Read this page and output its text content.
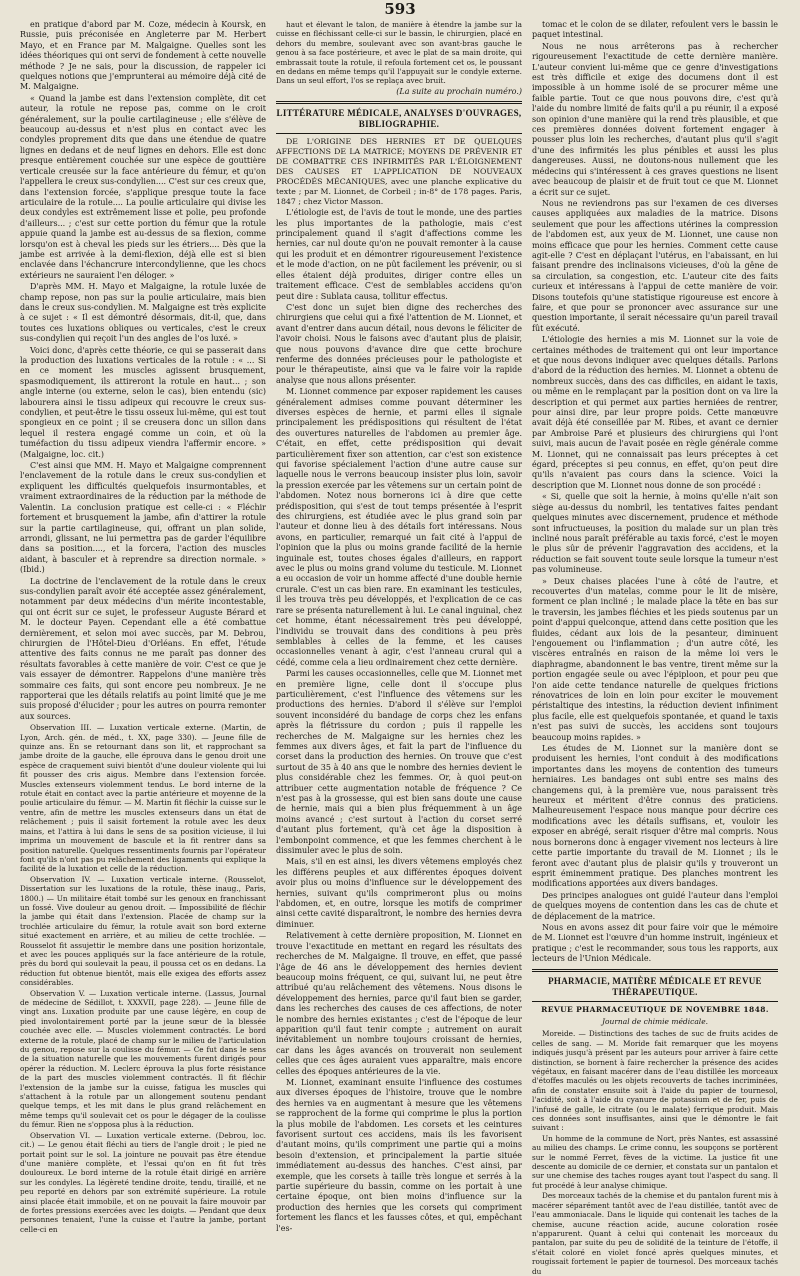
593

en pratique d'abord par M. Coze, médecin à Koursk, en Russie, puis préconisée en Angleterre par M. Herbert Mayo, et en France par M. Malgaigne. Quelles sont les idées théoriques qui ont servi de fondement à cette nouvelle méthode ? Je ne sais, pour la discussion, de rappeler ici quelques notions que j'emprunterai au mémoire déjà cité de M. Malgaigne.

« Quand la jambe est dans l'extension complète, dit cet auteur, la rotule ne repose pas, comme on le croit généralement, sur la poulie cartilagineuse ; elle s'élève de beaucoup au-dessus et n'est plus en contact avec les condyles proprement dits que dans une étendue de quatre lignes en dedans et de neuf lignes en dehors. Elle est donc presque entièrement couchée sur une espèce de gouttière verticale creusée sur la face antérieure du fémur, et qu'on l'appellera le creux sus-condylien.... C'est sur ces creux que, dans l'extension forcée, s'applique presque toute la face articulaire de la rotule.... La poulie articulaire qui divise les deux condyles est extrêmement lisse et polie, peu profonde d'ailleurs... ; c'est sur cette portion du fémur que la rotule appuie quand la jambe est au-dessus de sa flexion, comme lorsqu'on est à cheval les pieds sur les étriers.... Dès que la jambe est arrivée à la demi-flexion, déjà elle est si bien enclavée dans l'échancrure intercondylienne, que les chocs extérieurs ne sauraient l'en déloger. »

D'après MM. H. Mayo et Malgaigne, la rotule luxée de champ repose, non pas sur la poulie articulaire, mais bien dans le creux sus-condylien. M. Malgaigne est très explicite à ce sujet : « Il est démontré désormais, dit-il, que, dans toutes ces luxations obliques ou verticales, c'est le creux sus-condylien qui reçoit l'un des angles de l'os luxé. »

Voici donc, d'après cette théorie, ce qui se passerait dans la production des luxations verticales de la rotule : « ... Si en ce moment les muscles agissent brusquement, spasmodiquement, ils attireront la rotule en haut... ; son angle interne (ou externe, selon le cas), bien entendu (sic) labourera ainsi le tissu adipeux qui recouvre le creux sus-condylien, et peut-être le tissu osseux lui-même, qui est tout spongieux en ce point ; il se creusera donc un sillon dans lequel il restera engagé comme un coin, et où la tuméfaction du tissu adipeux viendra l'affermir encore. » (Malgaigne, loc. cit.)

C'est ainsi que MM. H. Mayo et Malgaigne comprennent l'enclavement de la rotule dans le creux sus-condylien et expliquent les difficultés quelquefois insurmontables, et vraiment extraordinaires de la réduction par la méthode de Valentin. La conclusion pratique est celle-ci : « Fléchir fortement et brusquement la jambe, afin d'attirer la rotule sur la partie cartilagineuse, qui, offrant un plan solide, arrondi, glissant, ne lui permettra pas de garder l'équilibre dans sa position...., et la forcera, l'action des muscles aidant, à basculer et à reprendre sa direction normale. » (Ibid.)

La doctrine de l'enclavement de la rotule dans le creux sus-condylien paraît avoir été acceptée assez généralement, notamment par deux médecins d'un mérite incontestable, qui ont écrit sur ce sujet, le professeur Auguste Bérard et M. le docteur Payen. Cependant elle a été combattue dernièrement, et selon moi avec succès, par M. Debrou, chirurgien de l'Hôtel-Dieu d'Orléans. En effet, l'étude attentive des faits connus ne me paraît pas donner des résultats favorables à cette manière de voir. C'est ce que je vais essayer de démontrer. Rappelons d'une manière très sommaire ces faits, qui sont encore peu nombreux. Je ne rapporterai que les détails relatifs au point limité que je me suis proposé d'élucider ; pour les autres on pourra remonter aux sources.

Observation III. — Luxation verticale externe. (Martin, de Lyon, Arch. gén. de méd., t. XX, page 330). — Jeune fille de quinze ans. En se retournant dans son lit, et rapprochant sa jambe droite de la gauche, elle éprouva dans le genou droit une espèce de craquement suivi bientôt d'une douleur violente qui lui fit pousser des cris aigus. Membre dans l'extension forcée. Muscles extenseurs violemment tendus. Le bord interne de la rotule était en contact avec la partie antérieure et moyenne de la poulie articulaire du fémur. — M. Martin fit fléchir la cuisse sur le ventre, afin de mettre les muscles extenseurs dans un état de relâchement ; puis il saisit fortement la rotule avec les deux mains, et l'attira à lui dans le sens de sa position vicieuse, il lui imprima un mouvement de bascule et la fit rentrer dans sa position naturelle. Quelques ressentiments fournis par l'opérateur font qu'ils n'ont pas pu relâchement des ligaments qui explique la facilité de la luxation et celle de la réduction.

Observation IV. — Luxation verticale interne. (Rousselot, Dissertation sur les luxations de la rotule, thèse inaug., Paris, 1800.) — Un militaire était tombé sur les genoux en franchissant un fossé. Vive douleur au genou droit. — Impossibilité de fléchir la jambe qui était dans l'extension. Placée de champ sur la trochlée articulaire du fémur, la rotule avait son bord externe situé exactement en arrière, et au milieu de cette trochlée. — Rousselot fit assujettir le membre dans une position horizontale, et avec les pouces appliqués sur la face antérieure de la rotule, près du bord qui soulevait la peau, il poussa cet os en dedans. La réduction fut obtenue bientôt, mais elle exigea des efforts assez considérables.

Observation V. — Luxation verticale interne. (Lassus, Journal de médecine de Sédillot, t. XXXVII, page 228). — Jeune fille de vingt ans. Luxation produite par une cause légère, en coup de pied involontairement porté par la jeune sœur de la blessée couchée avec elle. — Muscles violemment contractés. Le bord externe de la rotule, placé de champ sur le milieu de l'articulation du genou, repose sur la coulisse du fémur. — Ce fut dans le sens de la situation naturelle que les mouvements furent dirigés pour opérer la réduction. M. Leclerc éprouva la plus forte résistance de la part des muscles violemment contractés. Il fit fléchir l'extension de la jambe sur la cuisse, fatigua les muscles qui s'attachent à la rotule par un allongement soutenu pendant quelque temps, et les mit dans le plus grand relâchement en même temps qu'il soulevait cet os pour le dégager de la coulisse du fémur. Rien ne s'opposa plus à la réduction.

Observation VI. — Luxation verticale externe. (Debrou, loc. cit.) — Le genou était fléchi au tiers de l'angle droit ; le pied ne portait point sur le sol. La jointure ne pouvait pas être étendue d'une manière complète, et l'essai qu'on en fit fut très douloureux. Le bord interne de la rotule était dirigé en arrière sur les condyles. La légèreté tendine droite, tendu, tiraillé, et ne peu reporté en dehors par son extrémité supérieure. La rotule ainsi placée était immobile, et on ne pouvait la faire mouvoir par de fortes pressions exercées avec les doigts. — Pendant que deux personnes tenaient, l'une la cuisse et l'autre la jambe, portant celle-ci en

haut et élevant le talon, de manière à étendre la jambe sur la cuisse en fléchissant celle-ci sur le bassin, le chirurgien, placé en dehors du membre, soulevant avec son avant-bras gauche le genou à sa face postérieure, et avec le plat de sa main droite, qui embrassait toute la rotule, il refoula fortement cet os, le poussant en dedans en même temps qu'il l'appuyait sur le condyle externe. Dans un seul effort, l'os se replaça avec bruit.

(La suite au prochain numéro.)
LITTÉRATURE MÉDICALE, ANALYSES D'OUVRAGES, BIBLIOGRAPHIE.

DE L'ORIGINE DES HERNIES ET DE QUELQUES AFFECTIONS DE LA MATRICE; MOYENS DE PRÉVENIR ET DE COMBATTRE CES INFIRMITÉS PAR L'ÉLOIGNEMENT DES CAUSES ET L'APPLICATION DE NOUVEAUX PROCÉDÉS MÉCANIQUES, avec une planche explicative du texte ; par M. Lionnet, de Corbeil ; in-8° de 178 pages. Paris, 1847 ; chez Victor Masson.

L'étiologie est, de l'avis de tout le monde, une des parties les plus importantes de la pathologie, mais c'est principalement quand il s'agit d'affections comme les hernies, car nul doute qu'on ne pouvait remonter à la cause qui les produit et en démontrer rigoureusement l'existence et le mode d'action, on ne pût facilement les prévenir, ou si elles étaient déjà produites, diriger contre elles un traitement efficace. C'est de semblables accidens qu'on peut dire : Sublata causa, tollitur effectus.

C'est donc un sujet bien digne des recherches des chirurgiens que celui qui a fixé l'attention de M. Lionnet, et avant d'entrer dans aucun détail, nous devons le féliciter de l'avoir choisi. Nous le faisons avec d'autant plus de plaisir, que nous pouvons d'avance dire que cette brochure renferme des données précieuses pour le pathologiste et pour le thérapeutiste, ainsi que va le faire voir la rapide analyse que nous allons présenter.

M. Lionnet commence par exposer rapidement les causes généralement admises comme pouvant déterminer les diverses espèces de hernie, et parmi elles il signale principalement les prédispositions qui résultent de l'état des ouvertures naturelles de l'abdomen au premier âge. C'était, en effet, cette prédisposition qui devait particulièrement fixer son attention, car c'est son existence qui favorise spécialement l'action d'une autre cause sur laquelle nous le verrons beaucoup insister plus loin, savoir la pression exercée par les vêtemens sur un certain point de l'abdomen. Notez nous bornerons ici à dire que cette prédisposition, qui s'est de tout temps présentée à l'esprit des chirurgiens, est étudiée avec le plus grand soin par l'auteur et donne lieu à des détails fort intéressans. Nous avons, en particulier, remarqué un fait cité à l'appui de l'opinion que la plus ou moins grande facilité de la hernie inguinale est, toutes choses égales d'ailleurs, en rapport avec le plus ou moins grand volume du testicule. M. Lionnet a eu occasion de voir un homme affecté d'une double hernie crurale. C'est un cas bien rare. En examinant les testicules, il les trouva très peu développés, et l'explication de ce cas rare se présenta naturellement à lui. Le canal inguinal, chez cet homme, étant nécessairement très peu développé, l'individu se trouvait dans des conditions à peu près semblables à celles de la femme, et les causes occasionnelles venant à agir, c'est l'anneau crural qui a cédé, comme cela a lieu ordinairement chez cette dernière.

Parmi les causes occasionnelles, celle que M. Lionnet met en première ligne, celle dont il s'occupe plus particulièrement, c'est l'influence des vêtemens sur les productions des hernies. D'abord il s'élève sur l'emploi souvent inconsidéré du bandage de corps chez les enfans après la flétrissure du cordon ; puis il rappelle les recherches de M. Malgaigne sur les hernies chez les femmes aux divers âges, et fait la part de l'influence du corset dans la production des hernies. On trouve que c'est surtout de 35 à 40 ans que le nombre des hernies devient le plus considérable chez les femmes. Or, à quoi peut-on attribuer cette augmentation notable de fréquence ? Ce n'est pas à la grossesse, qui est bien sans doute une cause de hernie, mais qui a bien plus fréquemment à un âge moins avancé ; c'est surtout à l'action du corset serré d'autant plus fortement, qu'à cet âge la disposition à l'embonpoint commence, et que les femmes cherchent à le dissimuler avec le plus de soin.

Mais, s'il en est ainsi, les divers vêtemens employés chez les différens peuples et aux différentes époques doivent avoir plus ou moins d'influence sur le développement des hernies, suivant qu'ils comprimeront plus ou moins l'abdomen, et, en outre, lorsque les motifs de comprimer ainsi cette cavité disparaîtront, le nombre des hernies devra diminuer.

Relativement à cette dernière proposition, M. Lionnet en trouve l'exactitude en mettant en regard les résultats des recherches de M. Malgaigne. Il trouve, en effet, que passé l'âge de 46 ans le développement des hernies devient beaucoup moins fréquent, ce qui, suivant lui, ne peut être attribué qu'au relâchement des vêtemens. Nous disons le développement des hernies, parce qu'il faut bien se garder, dans les recherches des causes de ces affections, de noter le nombre des hernies existantes ; c'est de l'époque de leur apparition qu'il faut tenir compte ; autrement on aurait inévitablement un nombre toujours croissant de hernies, car dans les âges avancés on trouverait non seulement celles que ces âges auraient vues apparaître, mais encore celles des époques antérieures de la vie.

M. Lionnet, examinant ensuite l'influence des costumes aux diverses époques de l'histoire, trouve que le nombre des hernies va en augmentant à mesure que les vêtemens se rapprochent de la forme qui comprime le plus la portion la plus mobile de l'abdomen. Les corsets et les ceintures favorisent surtout ces accidens, mais ils les favorisent d'autant moins, qu'ils compriment une partie qui a moins besoin d'extension, et principalement la partie située immédiatement au-dessus des hanches. C'est ainsi, par exemple, que les corsets à taille très longue et serrés à la partie supérieure du bassin, comme on les portait à une certaine époque, ont bien moins d'influence sur la production des hernies que les corsets qui compriment fortement les flancs et les fausses côtes, et qui, empêchant l'es-

tomac et le colon de se dilater, refoulent vers le bassin le paquet intestinal.

Nous ne nous arrêterons pas à rechercher rigoureusement l'exactitude de cette dernière manière. L'auteur convient lui-même que ce genre d'investigations est très difficile et exige des documens dont il est impossible à un homme isolé de se procurer même une faible partie. Tout ce que nous pouvons dire, c'est qu'à l'aide du nombre limité de faits qu'il a pu réunir, il a exposé son opinion d'une manière qui la rend très plausible, et que ces premières données doivent fortement engager à pousser plus loin les recherches, d'autant plus qu'il s'agit d'une des infirmités les plus pénibles et aussi les plus dangereuses. Aussi, ne doutons-nous nullement que les médecins qui s'intéressent à ces graves questions ne lisent avec beaucoup de plaisir et de fruit tout ce que M. Lionnet a écrit sur ce sujet.

Nous ne reviendrons pas sur l'examen de ces diverses causes appliquées aux maladies de la matrice. Disons seulement que pour les affections utérines la compression de l'abdomen est, aux yeux de M. Lionnet, une cause non moins efficace que pour les hernies. Comment cette cause agit-elle ? C'est en déplaçant l'utérus, en l'abaissant, en lui faisant prendre des inclinaisons vicieuses, d'où la gêne de sa circulation, sa congestion, etc. L'auteur cite des faits curieux et intéressans à l'appui de cette manière de voir. Disons toutefois qu'une statistique rigoureuse est encore à faire, et que pour se prononcer avec assurance sur une question importante, il serait nécessaire qu'un pareil travail fût exécuté.

L'étiologie des hernies a mis M. Lionnet sur la voie de certaines méthodes de traitement qui ont leur importance et que nous devons indiquer avec quelques détails. Parlons d'abord de la réduction des hernies. M. Lionnet a obtenu de nombreux succès, dans des cas difficiles, en aidant le taxis, ou même en le remplaçant par la position dont on va lire la description et qui permet aux parties herniées de rentrer, pour ainsi dire, par leur propre poids. Cette manœuvre avait déjà été conseillée par M. Ribes, et avant ce dernier par Ambroise Paré et plusieurs des chirurgiens qui l'ont suivi, mais aucun de l'avait posée en règle générale comme M. Lionnet, qui ne connaissait pas leurs préceptes à cet égard, préceptes si peu connus, en effet, qu'on peut dire qu'ils n'avaient pas cours dans la science. Voici la description que M. Lionnet nous donne de son procédé :

« Si, quelle que soit la hernie, à moins qu'elle n'ait son siège au-dessus du nombril, les tentatives faites pendant quelques minutes avec discernement, prudence et méthode sont infructueuses, la position du malade sur un plan très incliné nous paraît préférable au taxis forcé, c'est le moyen le plus sûr de prévenir l'aggravation des accidens, et la réduction se fait souvent toute seule lorsque la tumeur n'est pas volumineuse.

» Deux chaises placées l'une à côté de l'autre, et recouvertes d'un matelas, comme pour le lit de misère, forment ce plan incliné ; le malade place la tête en bas sur le traversin, les jambes fléchies et les pieds soutenus par un point d'appui quelconque, attend dans cette position que les fluides, cédant aux lois de la pesanteur, diminuent l'engouement ou l'inflammation ; d'un autre côté, les viscères entraînés en raison de la même loi vers le diaphragme, abandonnent le bas ventre, tirent même sur la portion engagée seule ou avec l'épiploon, et pour peu que l'on aide cette tendance naturelle de quelques frictions rénovatrices de loin en loin pour exciter le mouvement péristaltique des intestins, la réduction devient infiniment plus facile, elle est quelquefois spontanée, et quand le taxis n'est pas suivi de succès, les accidens sont toujours beaucoup moins rapides. »

Les études de M. Lionnet sur la manière dont se produisent les hernies, l'ont conduit à des modifications importantes dans les moyens de contention des tumeurs herniaires. Les bandages ont subi entre ses mains des changemens qui, à la première vue, nous paraissent très heureux et méritent d'être connus des praticiens. Malheureusement l'espace nous manque pour décrire ces modifications avec les détails suffisans, et, vouloir les exposer en abrégé, serait risquer d'être mal compris. Nous nous bornerons donc à engager vivement nos lecteurs à lire cette partie importante du travail de M. Lionnet ; ils le feront avec d'autant plus de plaisir qu'ils y trouveront un esprit éminemment pratique. Des planches montrent les modifications apportées aux divers bandages.

Des principes analogues ont guidé l'auteur dans l'emploi de quelques moyens de contention dans les cas de chute et de déplacement de la matrice.

Nous en avons assez dit pour faire voir que le mémoire de M. Lionnet est l'œuvre d'un homme instruit, ingénieux et pratique ; c'est le recommander, sous tous les rapports, aux lecteurs de l'Union Médicale.

PHARMACIE, MATIÈRE MÉDICALE ET REVUE THÉRAPEUTIQUE.
REVUE PHARMACEUTIQUE DE NOVEMBRE 1848.
Journal de chimie médicale.

Moreide. — Distinctions des taches de suc de fruits acides de celles de sang. — M. Moride fait remarquer que les moyens indiqués jusqu'à présent par les auteurs pour arriver à faire cette distinction, se bornent à faire rechercher la présence des acides végétaux, en faisant macérer dans de l'eau distillée les morceaux d'étoffes maculés ou les objets recouverts de taches incriminées, afin de constater ensuite soit à l'aide du papier de tournesol, l'acidité, soit à l'aide du cyanure de potassium et de fer, puis de l'infusé de galle, le citrate (ou le malate) ferrique produit. Mais ces données sont insuffisantes, ainsi que le démontre le fait suivant :

Un homme de la commune de Nort, près Nantes, est assassiné au milieu des champs. Le crime connu, les soupçons se portèrent sur le nommé Ferret, fèves de la victime. La justice fit une descente au domicile de ce dernier, et constata sur un pantalon et sur une chemise des taches rouges ayant tout l'aspect du sang. Il fut procédé à leur analyse chimique.

Des morceaux tachés de la chemise et du pantalon furent mis à macérer séparément tantôt avec de l'eau distillée, tantôt avec de l'eau ammoniacale. Dans le liquide qui contenait les taches de la chemise, aucune réaction acide, aucune coloration rosée n'apparurent. Quant à celui qui contenait les morceaux du pantalon, par suite du peu de solidité de la teinture de l'étoffe, il s'était coloré en violet foncé après quelques minutes, et rougissait fortement le papier de tournesol. Des morceaux tachés du
